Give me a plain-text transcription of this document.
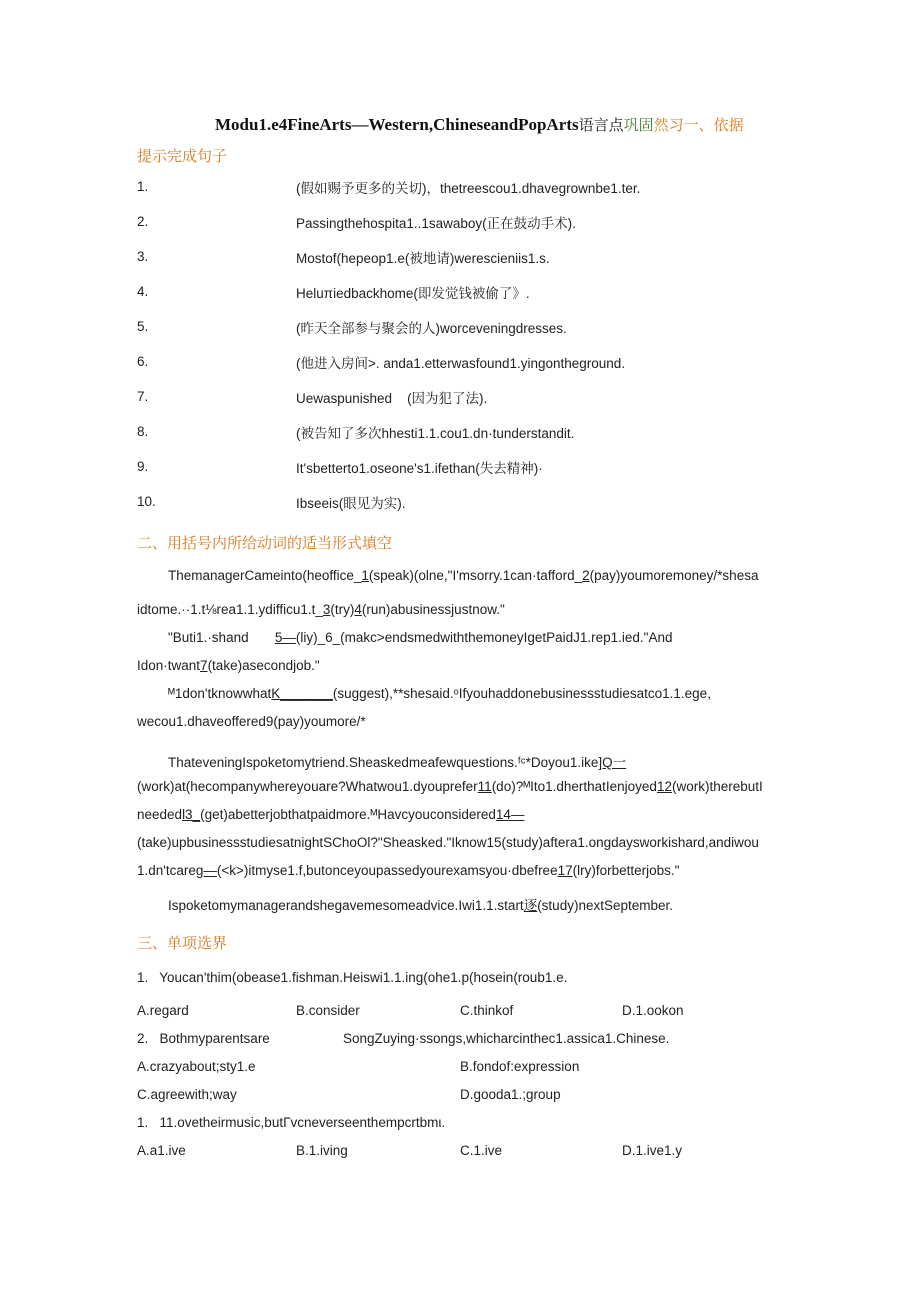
Modu1.e4FineArts—Western,ChineseandPopArts语言点巩固然习一、依据
提示完成句子
1.	(假如赐予更多的关切)，thetreescou1.dhavegrownbe1.ter.
2.	Passingthehospita1..1sawaboy(正在鼓动手术).
3.	Mostof(hepeop1.e(被地请)werescieniis1.s.
4.	Heluπiedbackhome(即发觉钱被偷了》.
5.	(昨天全部参与聚会的人)worceveningdresses.
6.	(他进入房间>. anda1.etterwasfound1.yingontheground.
7.	Uewaspunished    (因为犯了法).
8.	(被告知了多次hhesti1.1.cou1.dn·tunderstandit.
9.	It'sbetterto1.oseone's1.ifethan(失去精神)·
10.	Ibseeis(眼见为实).
二、用括号内所给动词的适当形式填空
ThemanagerCameinto(heoffice_1(speak)(olne,"I'msorry.1can·tafford_2(pay)youmoremoney/*shesa
idtome.··1.t⅛rea1.1.ydifficu1.t_3(try)4(run)abusinessjustnow."
"Buti1.·shand       5—(liy)_6_(makc>endsmedwiththemoneyIgetPaidJ1.rep1.ied."And
Idon·twant7(take)asecondjob."
ᴹ1don'tknowwhatK_______(suggest),**shesaid.ᵒIfyouhaddonebusinessstudiesatco1.1.ege,
wecou1.dhaveoffered9(pay)youmore/*
ThateveningIspoketomytriend.Sheaskedmeafewquestions.ᶠᶜ*Doyou1.ike]Q一
(work)at(hecompanywhereyouare?Whatwou1.dyouprefer11(do)?ᴹIto1.dherthatIenjoyed12(work)therebutI
neededl3_(get)abetterjobthatpaidmore.ᴹHavcyouconsidered14—
(take)upbusinessstudiesatnightSChoOl?"Sheasked."Iknow15(study)aftera1.ongdaysworkishard,andiwou
1.dn'tcareg—(<k>)itmyse1.f,butonceyoupassedyourexamsyou·dbefree17(lry)forbetterjobs."
Ispoketomymanagerandshegavemesomeadvice.Iwi1.1.start逐(study)nextSeptember.
三、单项选界
1.   Youcan'thim(obease1.fishman.Heiswi1.1.ing(ohe1.p(hosein(roub1.e.
A.regard	B.consider	C.thinkof	D.1.ookon
2.   Bothmyparentsare	SongZuying·ssongs,whicharcinthec1.assica1.Chinese.
A.crazyabout;sty1.e	B.fondof:expression
C.agreewith;way	D.gooda1.;group
1.   11.ovetheirmusic,butΓvcneverseenthempcrtbmι.
A.a1.ive	B.1.iving	C.1.ive	D.1.ive1.y
